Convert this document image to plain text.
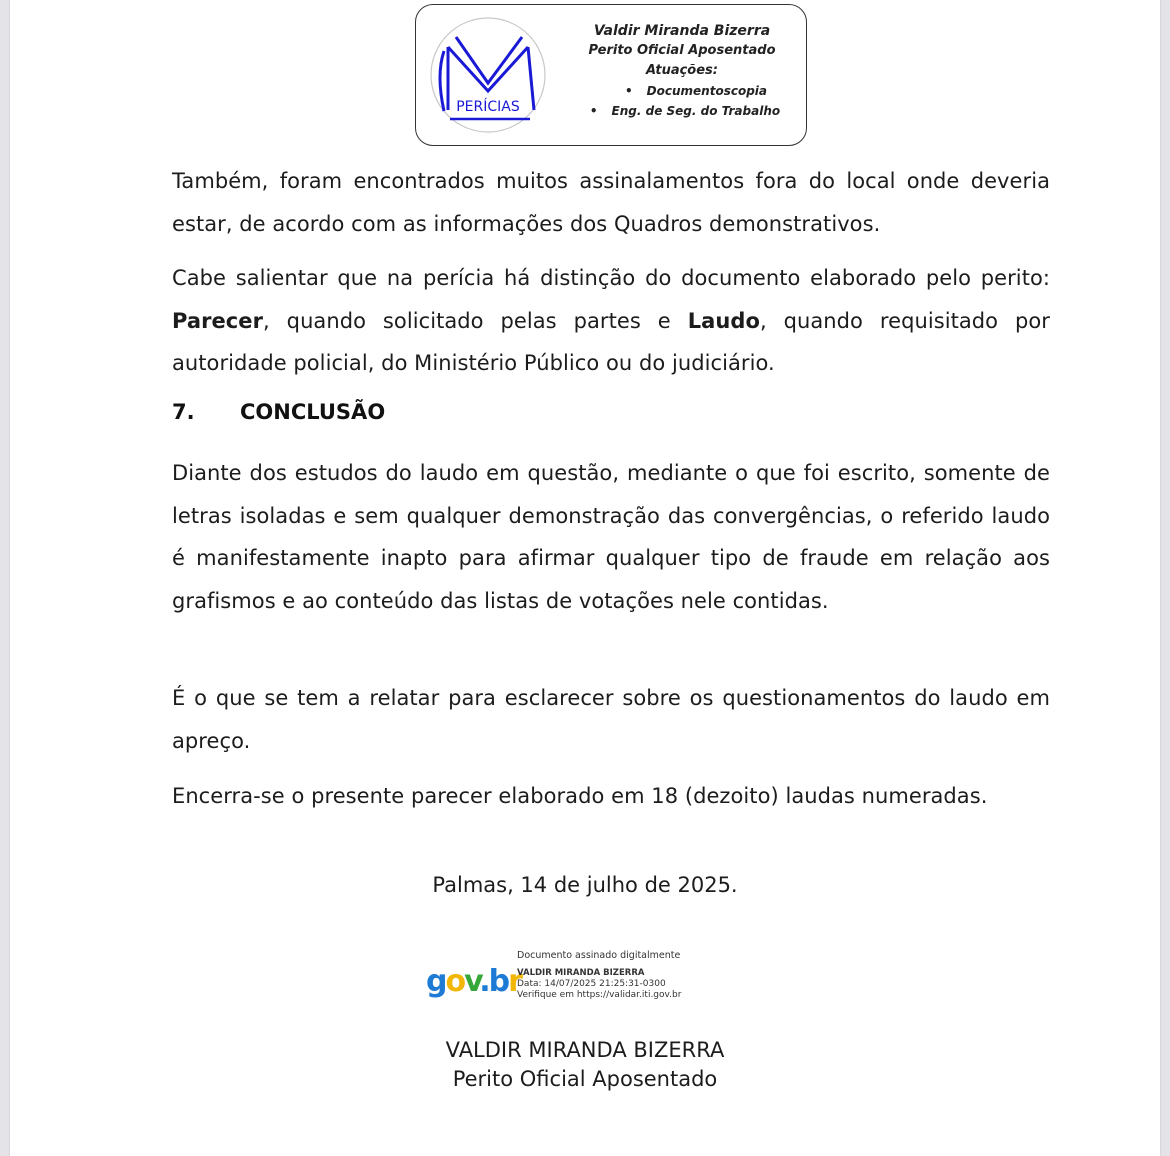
PERÍCIAS
Valdir Miranda Bizerra
Perito Oficial Aposentado
Atuações:
• Documentoscopia
• Eng. de Seg. do Trabalho

Também, foram encontrados muitos assinalamentos fora do local onde deveria estar, de acordo com as informações dos Quadros demonstrativos.

Cabe salientar que na perícia há distinção do documento elaborado pelo perito: Parecer, quando solicitado pelas partes e Laudo, quando requisitado por autoridade policial, do Ministério Público ou do judiciário.

7. CONCLUSÃO

Diante dos estudos do laudo em questão, mediante o que foi escrito, somente de letras isoladas e sem qualquer demonstração das convergências, o referido laudo é manifestamente inapto para afirmar qualquer tipo de fraude em relação aos grafismos e ao conteúdo das listas de votações nele contidas.

É o que se tem a relatar para esclarecer sobre os questionamentos do laudo em apreço.

Encerra-se o presente parecer elaborado em 18 (dezoito) laudas numeradas.

Palmas, 14 de julho de 2025.
gov.br
Documento assinado digitalmente
VALDIR MIRANDA BIZERRA
Data: 14/07/2025 21:25:31-0300
Verifique em https://validar.iti.gov.br
VALDIR MIRANDA BIZERRA
Perito Oficial Aposentado
